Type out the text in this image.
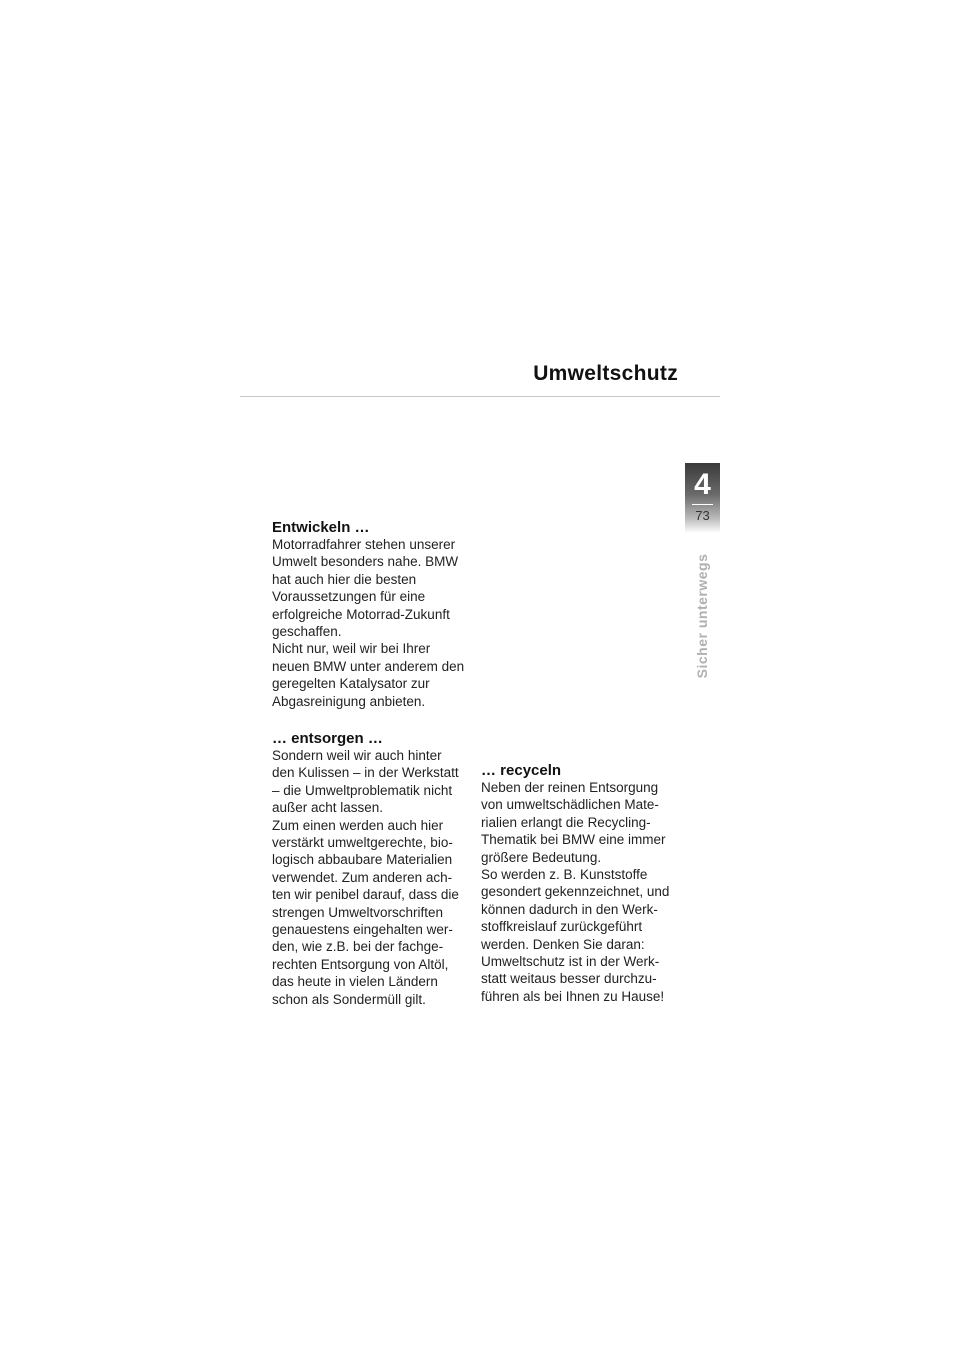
Umweltschutz
4
73
Sicher unterwegs
Entwickeln …

Motorradfahrer stehen unserer
Umwelt besonders nahe. BMW
hat auch hier die besten
Voraussetzungen für eine
erfolgreiche Motorrad-Zukunft
geschaffen.
Nicht nur, weil wir bei Ihrer
neuen BMW unter anderem den
geregelten Katalysator zur
Abgasreinigung anbieten.

… entsorgen …

Sondern weil wir auch hinter
den Kulissen – in der Werkstatt
– die Umweltproblematik nicht
außer acht lassen.
Zum einen werden auch hier
verstärkt umweltgerechte, bio-
logisch abbaubare Materialien
verwendet. Zum anderen ach-
ten wir penibel darauf, dass die
strengen Umweltvorschriften
genauestens eingehalten wer-
den, wie z.B. bei der fachge-
rechten Entsorgung von Altöl,
das heute in vielen Ländern
schon als Sondermüll gilt.

… recyceln

Neben der reinen Entsorgung
von umweltschädlichen Mate-
rialien erlangt die Recycling-
Thematik bei BMW eine immer
größere Bedeutung.
So werden z. B. Kunststoffe
gesondert gekennzeichnet, und
können dadurch in den Werk-
stoffkreislauf zurückgeführt
werden. Denken Sie daran:
Umweltschutz ist in der Werk-
statt weitaus besser durchzu-
führen als bei Ihnen zu Hause!
